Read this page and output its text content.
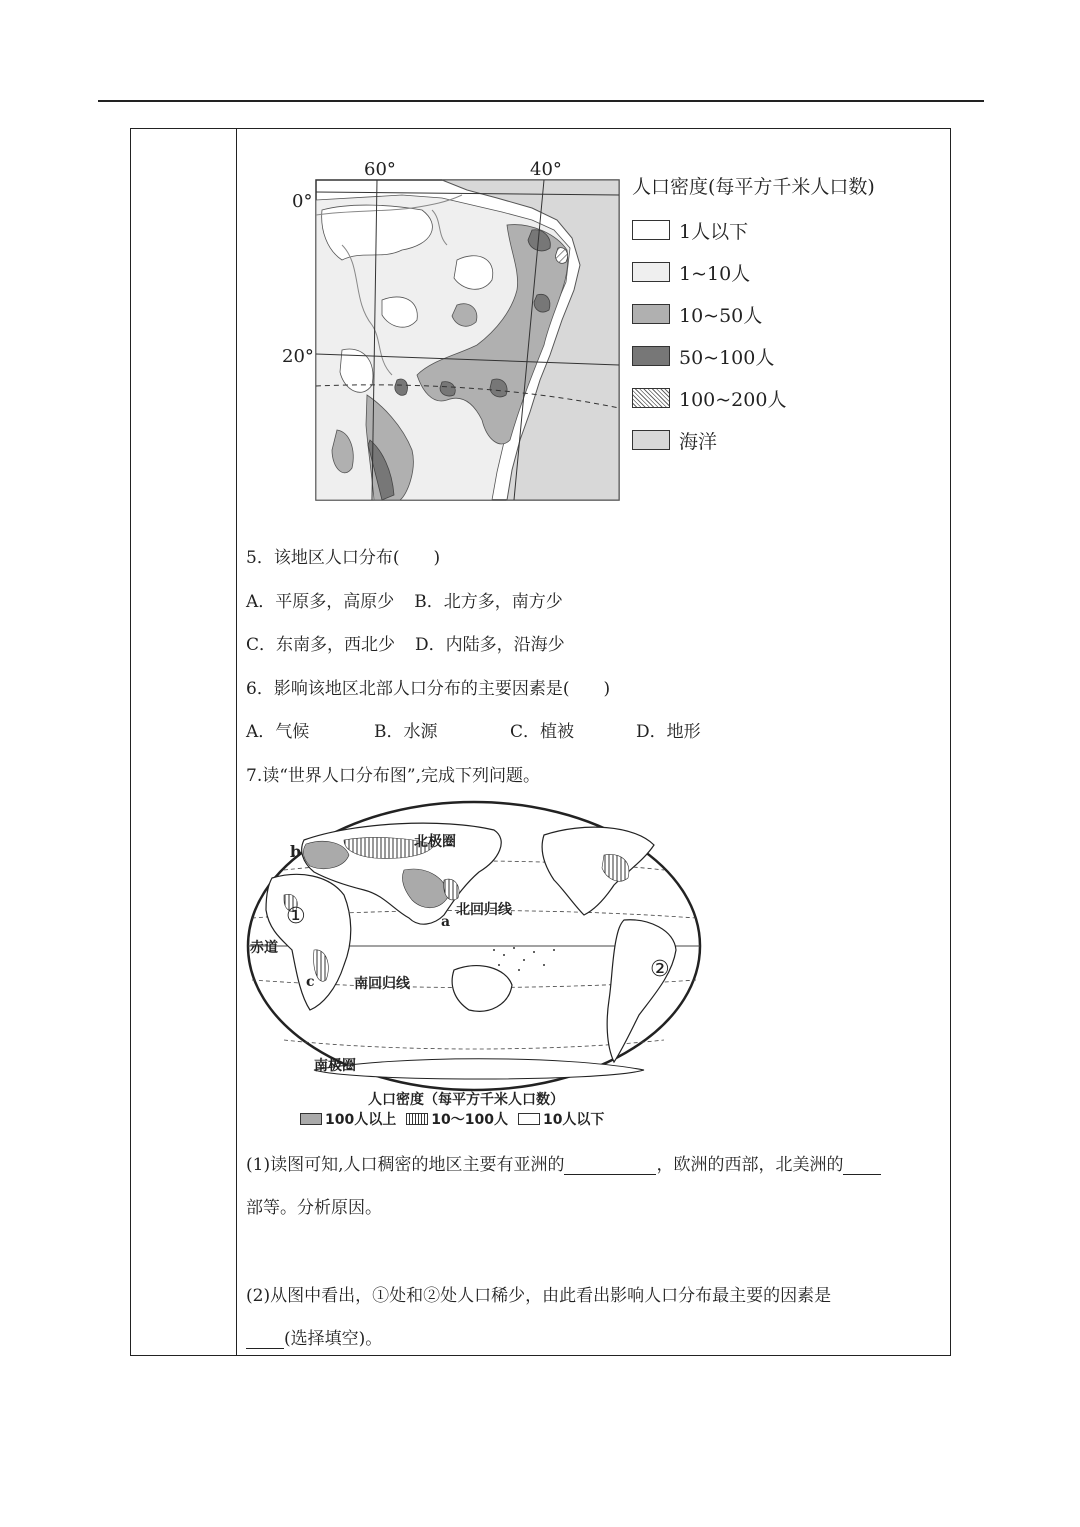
60°	40°
0°
20°
人口密度(每平方千米人口数)
1人以下
1~10人
10~50人
50~100人
100~200人
海洋
5．该地区人口分布(　　)
A．平原多，高原少 B．北方多，南方少
C．东南多，西北少 D．内陆多，沿海少
6．影响该地区北部人口分布的主要因素是(　　)
A．气候	B．水源	C．植被	D．地形
7.读“世界人口分布图”,完成下列问题。
北极圈
北回归线
赤道
南回归线
南极圈
a
b
c
①
②
人口密度（每平方千米人口数）
100人以上	10～100人	10人以下
(1)读图可知,人口稠密的地区主要有亚洲的	，欧洲的西部，北美洲的
部等。分析原因。
(2)从图中看出，①处和②处人口稀少，由此看出影响人口分布最主要的因素是
(选择填空)。
